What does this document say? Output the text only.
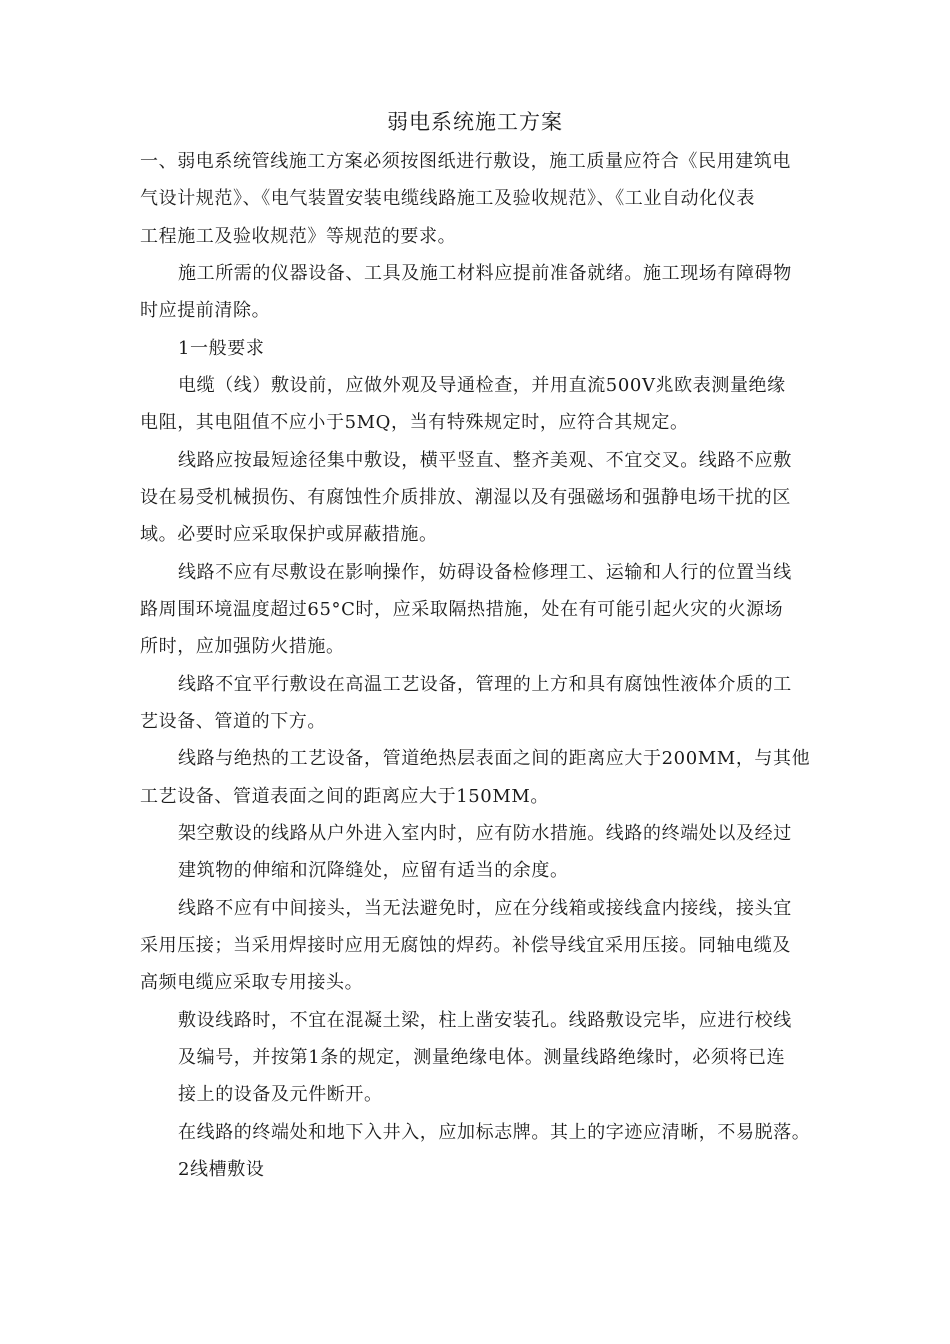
弱电系统施工方案
一、弱电系统管线施工方案必须按图纸进行敷设，施工质量应符合《民用建筑电
气设计规范》、《电气装置安装电缆线路施工及验收规范》、《工业自动化仪表
工程施工及验收规范》等规范的要求。
施工所需的仪器设备、工具及施工材料应提前准备就绪。施工现场有障碍物
时应提前清除。
1一般要求
电缆（线）敷设前，应做外观及导通检查，并用直流500V兆欧表测量绝缘
电阻，其电阻值不应小于5MQ，当有特殊规定时，应符合其规定。
线路应按最短途径集中敷设，横平竖直、整齐美观、不宜交叉。线路不应敷
设在易受机械损伤、有腐蚀性介质排放、潮湿以及有强磁场和强静电场干扰的区
域。必要时应采取保护或屏蔽措施。
线路不应有尽敷设在影响操作，妨碍设备检修理工、运输和人行的位置当线
路周围环境温度超过65°C时，应采取隔热措施，处在有可能引起火灾的火源场
所时，应加强防火措施。
线路不宜平行敷设在高温工艺设备，管理的上方和具有腐蚀性液体介质的工
艺设备、管道的下方。
线路与绝热的工艺设备，管道绝热层表面之间的距离应大于200MM，与其他
工艺设备、管道表面之间的距离应大于150MM。
架空敷设的线路从户外进入室内时，应有防水措施。线路的终端处以及经过
建筑物的伸缩和沉降缝处，应留有适当的余度。
线路不应有中间接头，当无法避免时，应在分线箱或接线盒内接线，接头宜
采用压接；当采用焊接时应用无腐蚀的焊药。补偿导线宜采用压接。同轴电缆及
高频电缆应采取专用接头。
敷设线路时，不宜在混凝土梁，柱上凿安装孔。线路敷设完毕，应进行校线
及编号，并按第1条的规定，测量绝缘电体。测量线路绝缘时，必须将已连
接上的设备及元件断开。
在线路的终端处和地下入井入，应加标志牌。其上的字迹应清晰，不易脱落。
2线槽敷设
